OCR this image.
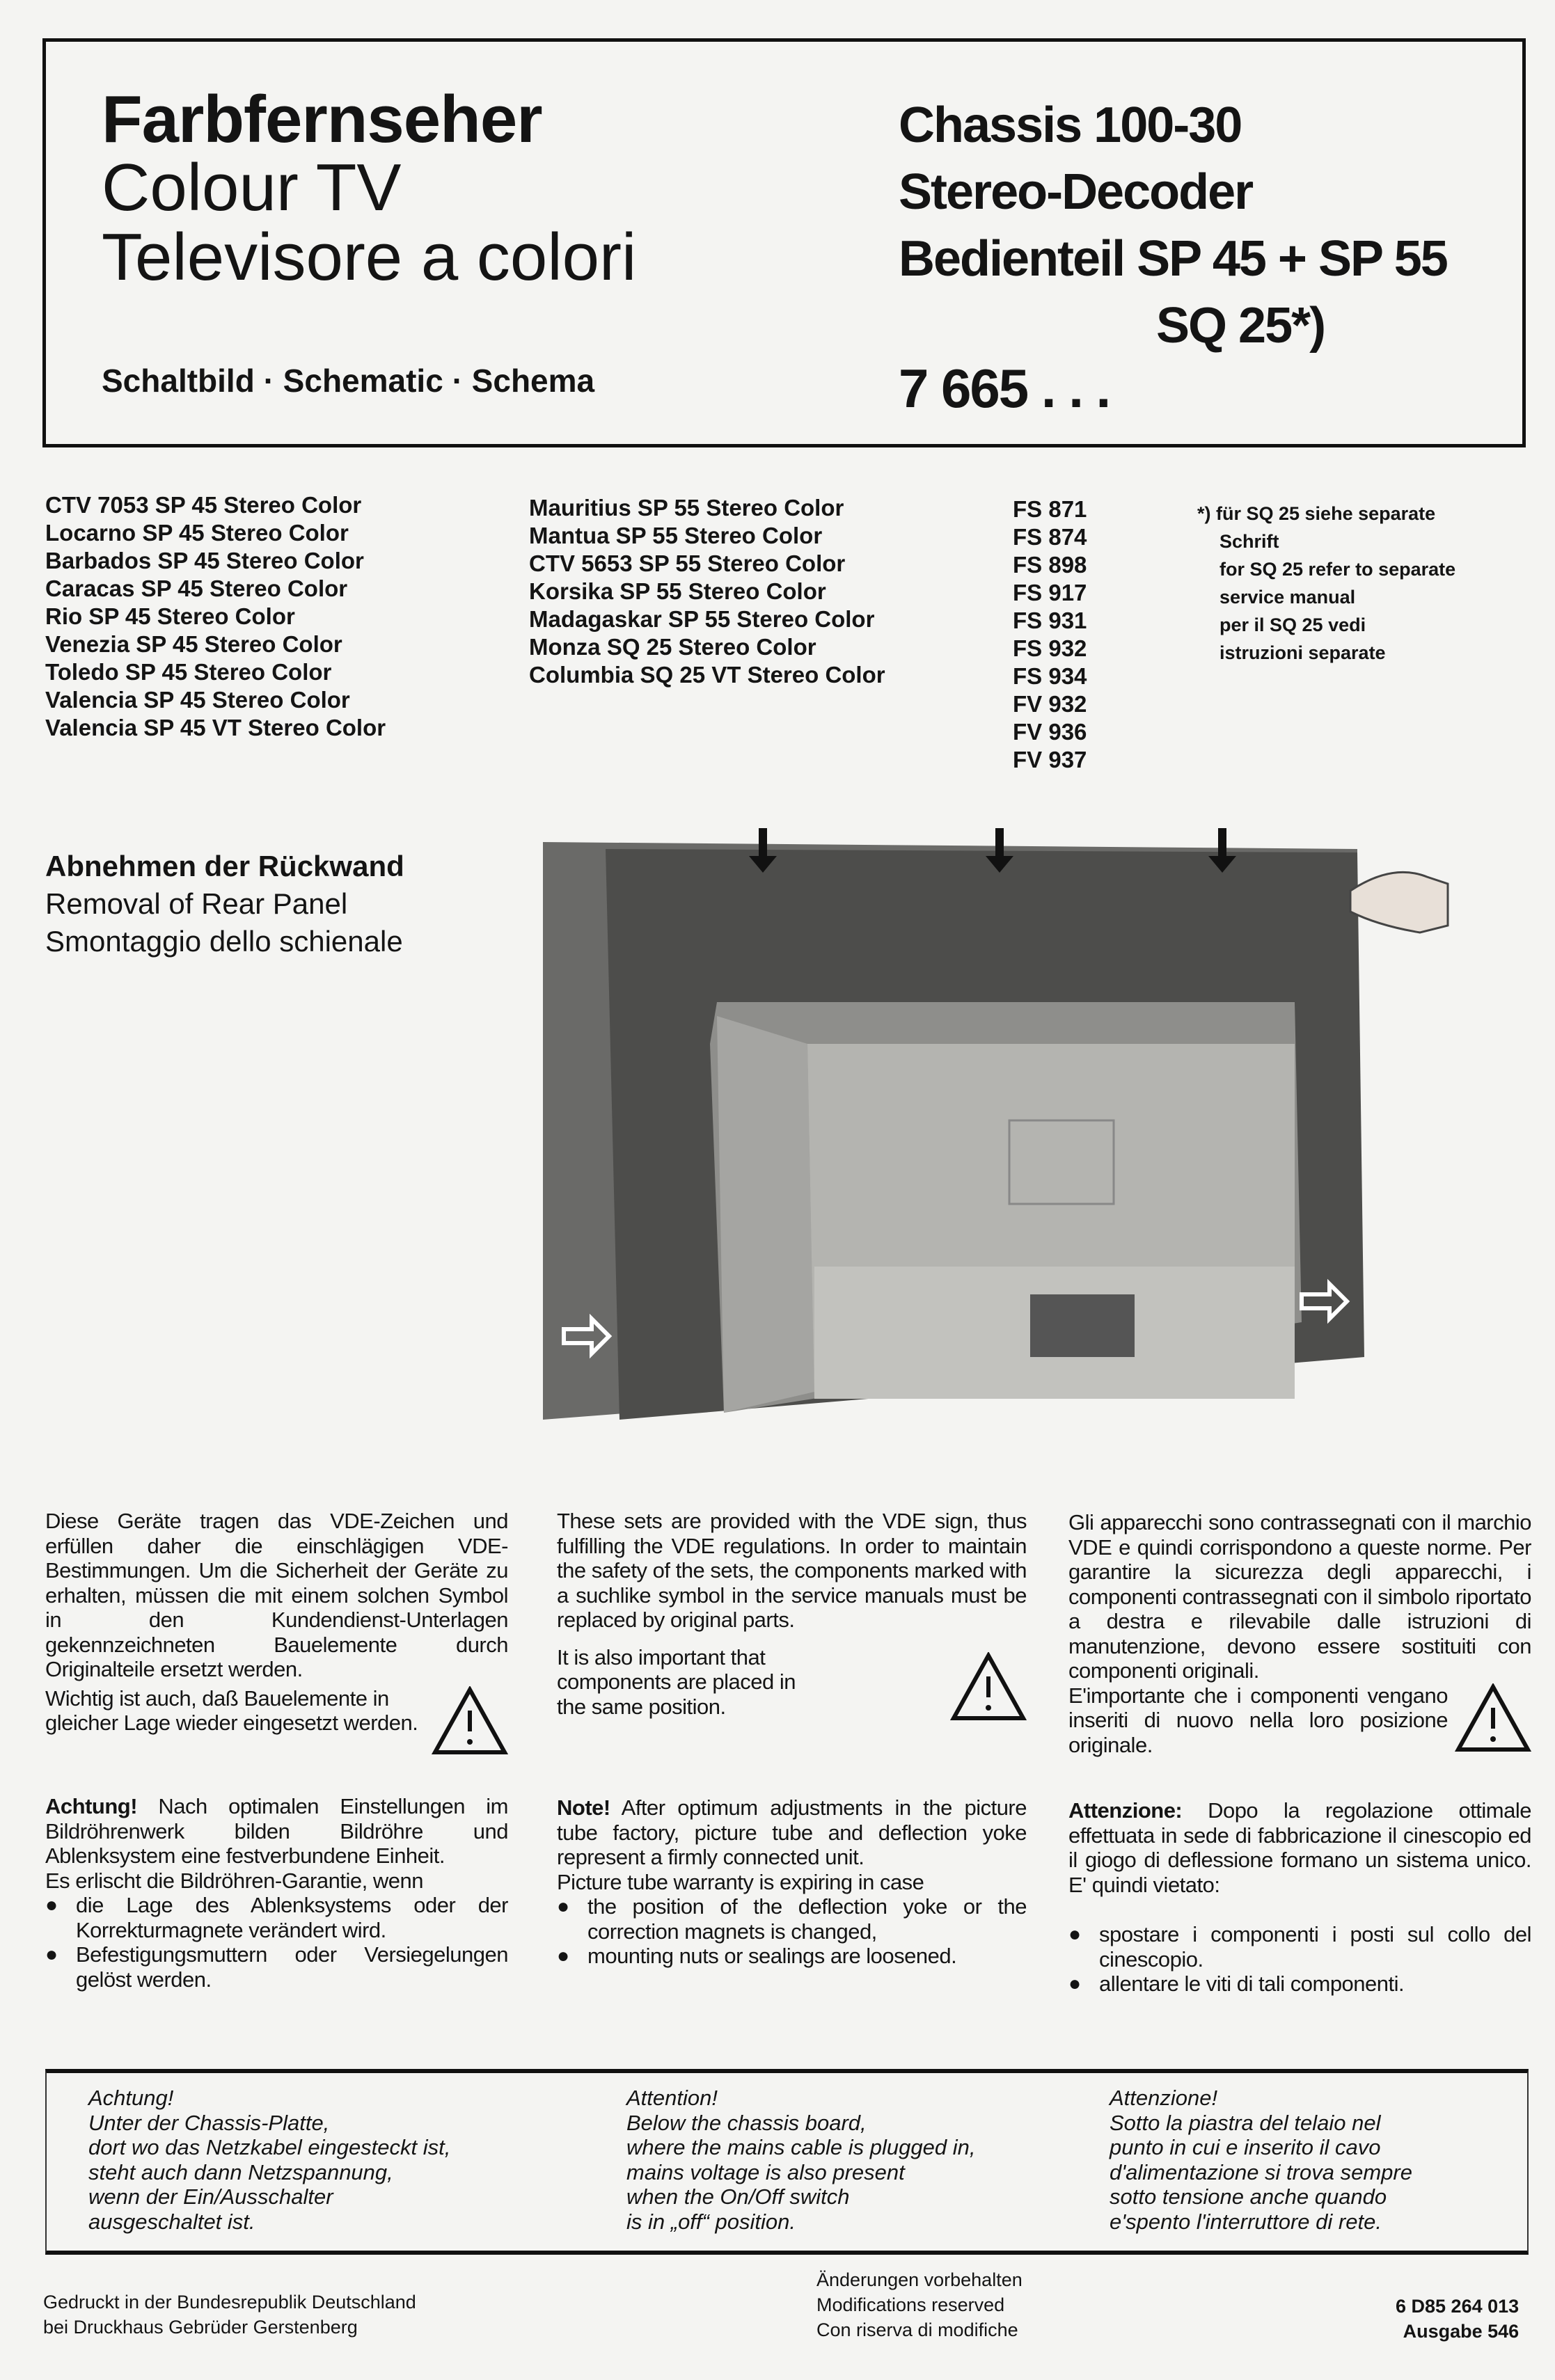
Farbfernseher
Colour TV
Televisore a colori
Schaltbild · Schematic · Schema
Chassis 100-30
Stereo-Decoder
Bedienteil SP 45 + SP 55
SQ 25*)
7 665 . . .
CTV 7053 SP 45 Stereo Color
Locarno SP 45 Stereo Color
Barbados SP 45 Stereo Color
Caracas SP 45 Stereo Color
Rio SP 45 Stereo Color
Venezia SP 45 Stereo Color
Toledo SP 45 Stereo Color
Valencia SP 45 Stereo Color
Valencia SP 45 VT Stereo Color
Mauritius SP 55 Stereo Color
Mantua SP 55 Stereo Color
CTV 5653 SP 55 Stereo Color
Korsika SP 55 Stereo Color
Madagaskar SP 55 Stereo Color
Monza SQ 25 Stereo Color
Columbia SQ 25 VT Stereo Color
FS 871
FS 874
FS 898
FS 917
FS 931
FS 932
FS 934
FV 932
FV 936
FV 937
*) für SQ 25 siehe separate
Schrift
for SQ 25 refer to separate
service manual
per il SQ 25 vedi
istruzioni separate
Abnehmen der Rückwand
Removal of Rear Panel
Smontaggio dello schienale

Diese Geräte tragen das VDE-Zeichen und erfüllen daher die einschlägigen VDE-Bestimmungen. Um die Sicherheit der Geräte zu erhalten, müssen die mit einem solchen Symbol in den Kundendienst-Unterlagen gekennzeichneten Bauelemente durch Originalteile ersetzt werden.

Wichtig ist auch, daß Bauelemente in gleicher Lage wieder eingesetzt werden.

These sets are provided with the VDE sign, thus fulfilling the VDE regulations. In order to maintain the safety of the sets, the components marked with a suchlike symbol in the service manuals must be replaced by original parts.

It is also important that components are placed in the same position.

Gli apparecchi sono contrassegnati con il marchio VDE e quindi corrispondono a queste norme. Per garantire la sicurezza degli apparecchi, i componenti contrassegnati con il simbolo riportato a destra e rilevabile dalle istruzioni di manutenzione, devono essere sostituiti con componenti originali.

E'importante che i componenti vengano inseriti di nuovo nella loro posizione originale.

Achtung! Nach optimalen Einstellungen im Bildröhrenwerk bilden Bildröhre und Ablenksystem eine festverbundene Einheit.

Es erlischt die Bildröhren-Garantie, wenn

● die Lage des Ablenksystems oder der Korrekturmagnete verändert wird.
● Befestigungsmuttern oder Versiegelungen gelöst werden.

Note! After optimum adjustments in the picture tube factory, picture tube and deflection yoke represent a firmly connected unit.

Picture tube warranty is expiring in case

● the position of the deflection yoke or the correction magnets is changed,
● mounting nuts or sealings are loosened.

Attenzione: Dopo la regolazione ottimale effettuata in sede di fabbricazione il cinescopio ed il giogo di deflessione formano un sistema unico. E' quindi vietato:

● spostare i componenti i posti sul collo del cinescopio.
● allentare le viti di tali componenti.
Achtung!
Unter der Chassis-Platte,
dort wo das Netzkabel eingesteckt ist,
steht auch dann Netzspannung,
wenn der Ein/Ausschalter
ausgeschaltet ist.
Attention!
Below the chassis board,
where the mains cable is plugged in,
mains voltage is also present
when the On/Off switch
is in „off“ position.
Attenzione!
Sotto la piastra del telaio nel
punto in cui e inserito il cavo
d'alimentazione si trova sempre
sotto tensione anche quando
e'spento l'interruttore di rete.
Gedruckt in der Bundesrepublik Deutschland
bei Druckhaus Gebrüder Gerstenberg
Änderungen vorbehalten
Modifications reserved
Con riserva di modifiche
6 D85 264 013
Ausgabe 546
